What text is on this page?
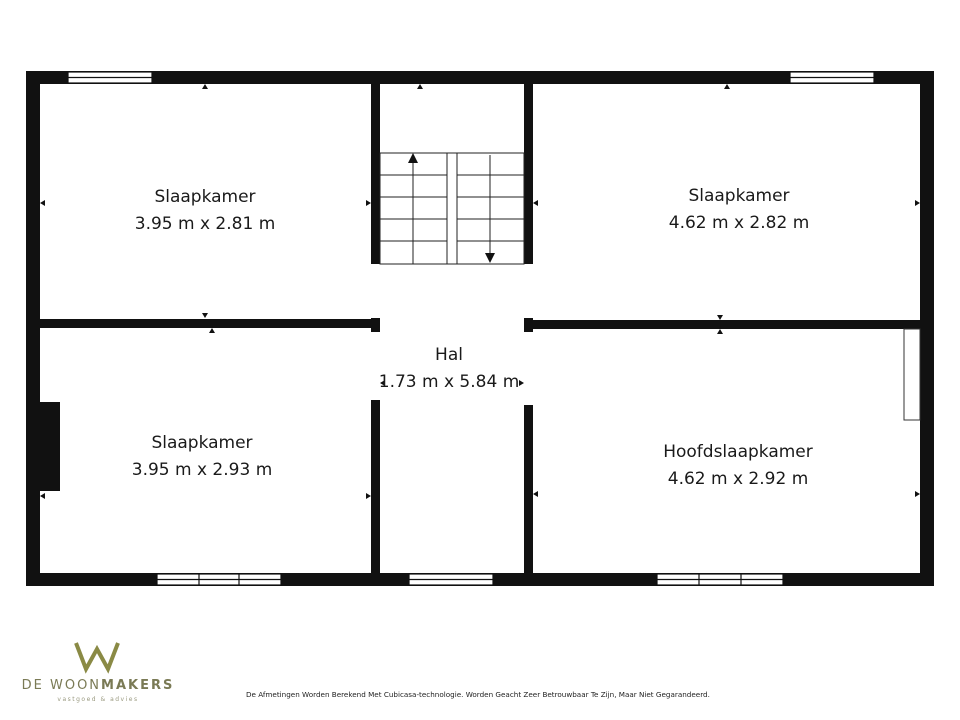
Slaapkamer
3.95 m x 2.81 m
Slaapkamer
4.62 m x 2.82 m
Hal
1.73 m x 5.84 m
Slaapkamer
3.95 m x 2.93 m
Hoofdslaapkamer
4.62 m x 2.92 m
DE WOONMAKERS
vastgoed & advies
De Afmetingen Worden Berekend Met Cubicasa-technologie. Worden Geacht Zeer Betrouwbaar Te Zijn, Maar Niet Gegarandeerd.
